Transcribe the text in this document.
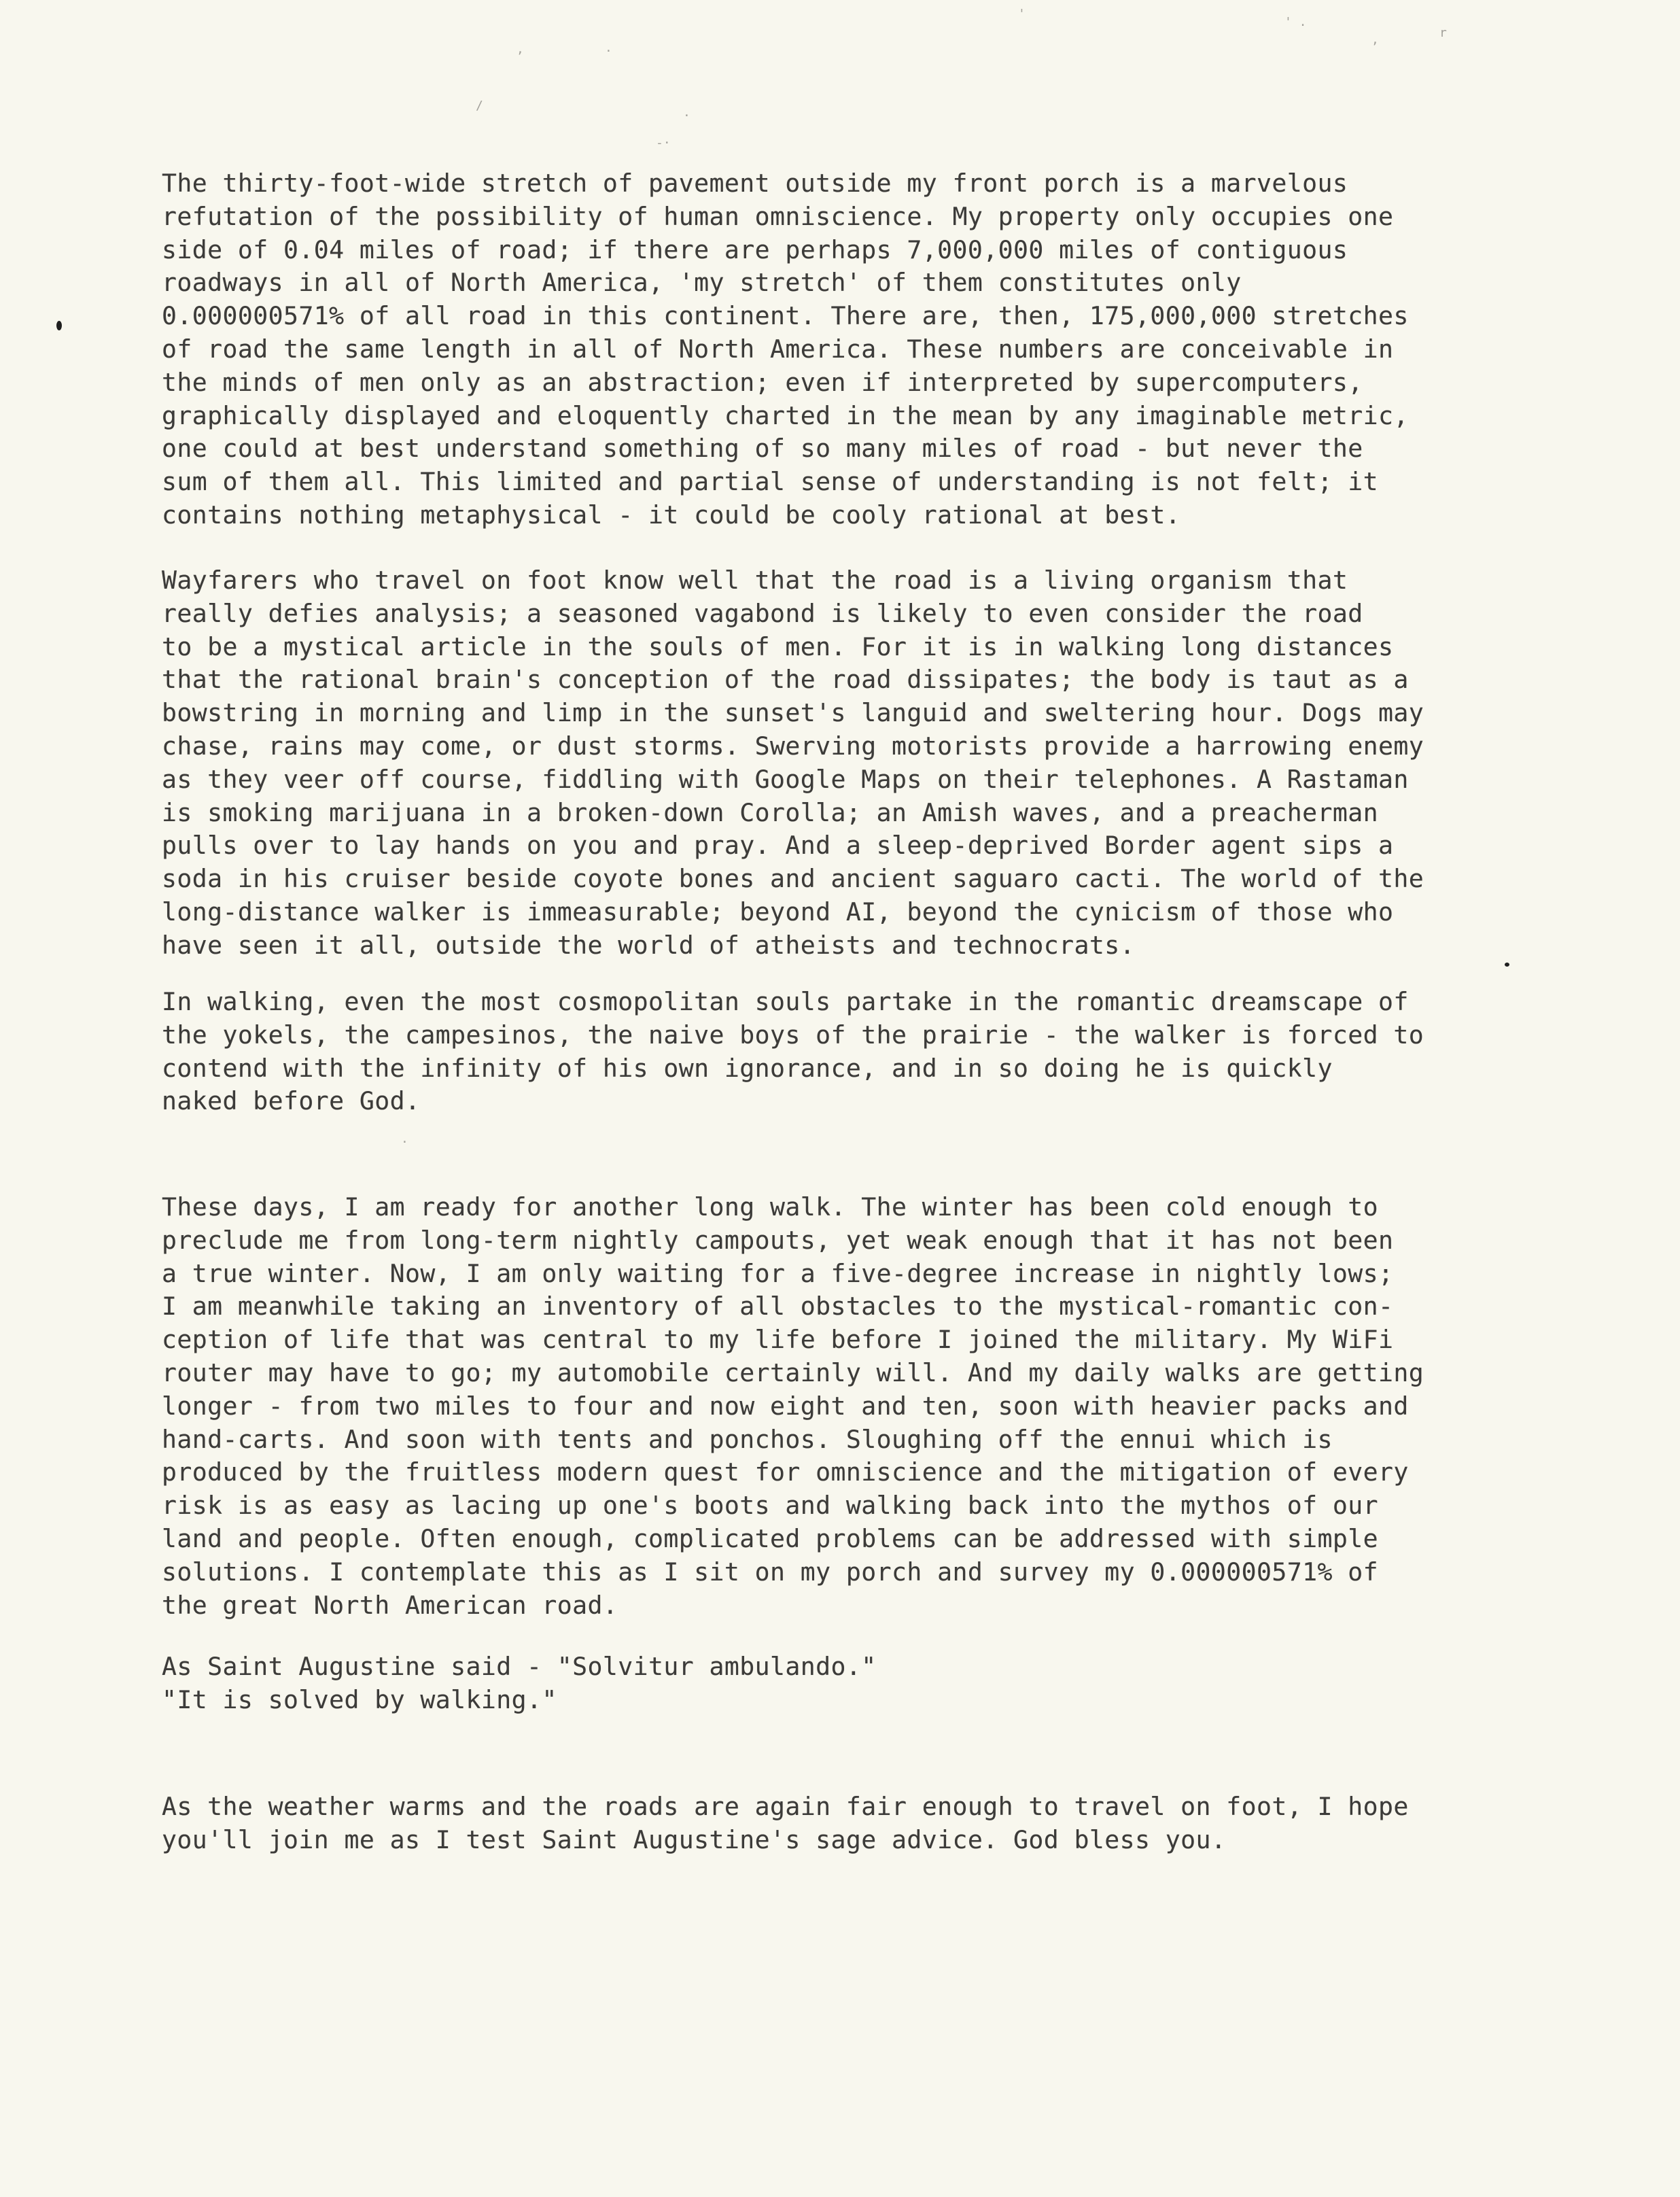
,	.
'
' .
,	r
/
·
-·
·
The thirty-foot-wide stretch of pavement outside my front porch is a marvelous
refutation of the possibility of human omniscience. My property only occupies one
side of 0.04 miles of road; if there are perhaps 7,000,000 miles of contiguous
roadways in all of North America, 'my stretch' of them constitutes only
0.000000571% of all road in this continent. There are, then, 175,000,000 stretches
of road the same length in all of North America. These numbers are conceivable in
the minds of men only as an abstraction; even if interpreted by supercomputers,
graphically displayed and eloquently charted in the mean by any imaginable metric,
one could at best understand something of so many miles of road - but never the
sum of them all. This limited and partial sense of understanding is not felt; it
contains nothing metaphysical - it could be cooly rational at best.
Wayfarers who travel on foot know well that the road is a living organism that
really defies analysis; a seasoned vagabond is likely to even consider the road
to be a mystical article in the souls of men. For it is in walking long distances
that the rational brain's conception of the road dissipates; the body is taut as a
bowstring in morning and limp in the sunset's languid and sweltering hour. Dogs may
chase, rains may come, or dust storms. Swerving motorists provide a harrowing enemy
as they veer off course, fiddling with Google Maps on their telephones. A Rastaman
is smoking marijuana in a broken-down Corolla; an Amish waves, and a preacherman
pulls over to lay hands on you and pray. And a sleep-deprived Border agent sips a
soda in his cruiser beside coyote bones and ancient saguaro cacti. The world of the
long-distance walker is immeasurable; beyond AI, beyond the cynicism of those who
have seen it all, outside the world of atheists and technocrats.
In walking, even the most cosmopolitan souls partake in the romantic dreamscape of
the yokels, the campesinos, the naive boys of the prairie - the walker is forced to
contend with the infinity of his own ignorance, and in so doing he is quickly
naked before God.
These days, I am ready for another long walk. The winter has been cold enough to
preclude me from long-term nightly campouts, yet weak enough that it has not been
a true winter. Now, I am only waiting for a five-degree increase in nightly lows;
I am meanwhile taking an inventory of all obstacles to the mystical-romantic con-
ception of life that was central to my life before I joined the military. My WiFi
router may have to go; my automobile certainly will. And my daily walks are getting
longer - from two miles to four and now eight and ten, soon with heavier packs and
hand-carts. And soon with tents and ponchos. Sloughing off the ennui which is
produced by the fruitless modern quest for omniscience and the mitigation of every
risk is as easy as lacing up one's boots and walking back into the mythos of our
land and people. Often enough, complicated problems can be addressed with simple
solutions. I contemplate this as I sit on my porch and survey my 0.000000571% of
the great North American road.
As Saint Augustine said - "Solvitur ambulando."
"It is solved by walking."
As the weather warms and the roads are again fair enough to travel on foot, I hope
you'll join me as I test Saint Augustine's sage advice. God bless you.
